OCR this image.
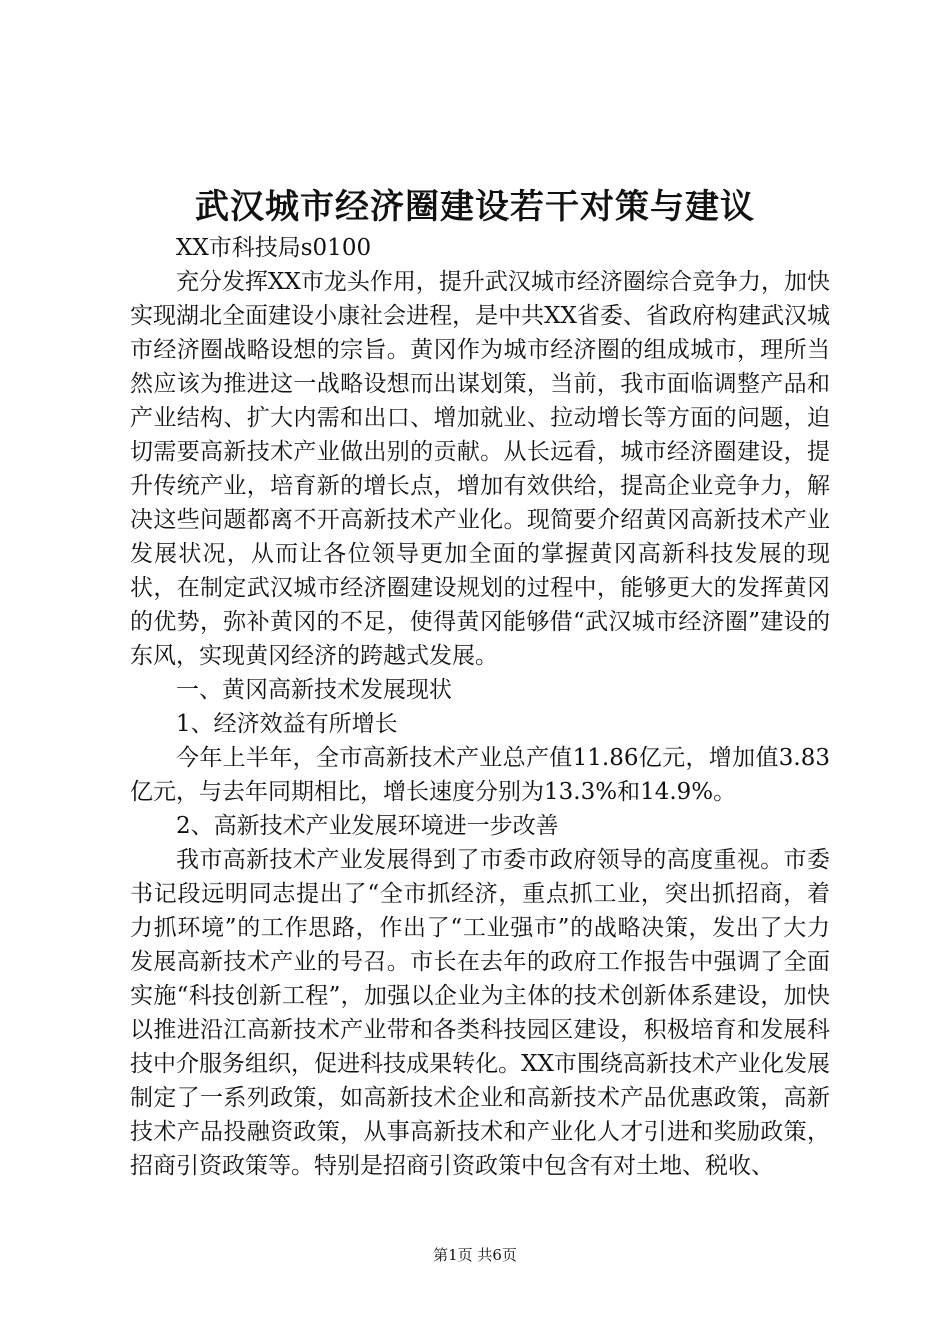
武汉城市经济圈建设若干对策与建议

XX市科技局s0100

充分发挥XX市龙头作用，提升武汉城市经济圈综合竞争力，加快实现湖北全面建设小康社会进程，是中共XX省委、省政府构建武汉城市经济圈战略设想的宗旨。黄冈作为城市经济圈的组成城市，理所当然应该为推进这一战略设想而出谋划策，当前，我市面临调整产品和产业结构、扩大内需和出口、增加就业、拉动增长等方面的问题，迫切需要高新技术产业做出别的贡献。从长远看，城市经济圈建设，提升传统产业，培育新的增长点，增加有效供给，提高企业竞争力，解决这些问题都离不开高新技术产业化。现简要介绍黄冈高新技术产业发展状况，从而让各位领导更加全面的掌握黄冈高新科技发展的现状，在制定武汉城市经济圈建设规划的过程中，能够更大的发挥黄冈的优势，弥补黄冈的不足，使得黄冈能够借“武汉城市经济圈”建设的东风，实现黄冈经济的跨越式发展。

一、黄冈高新技术发展现状

1、经济效益有所增长

今年上半年，全市高新技术产业总产值11.86亿元，增加值3.83亿元，与去年同期相比，增长速度分别为13.3%和14.9%。

2、高新技术产业发展环境进一步改善

我市高新技术产业发展得到了市委市政府领导的高度重视。市委书记段远明同志提出了“全市抓经济，重点抓工业，突出抓招商，着力抓环境”的工作思路，作出了“工业强市”的战略决策，发出了大力发展高新技术产业的号召。市长在去年的政府工作报告中强调了全面实施“科技创新工程”，加强以企业为主体的技术创新体系建设，加快以推进沿江高新技术产业带和各类科技园区建设，积极培育和发展科技中介服务组织，促进科技成果转化。XX市围绕高新技术产业化发展制定了一系列政策，如高新技术企业和高新技术产品优惠政策，高新技术产品投融资政策，从事高新技术和产业化人才引进和奖励政策，招商引资政策等。特别是招商引资政策中包含有对土地、税收、

第1页 共6页
